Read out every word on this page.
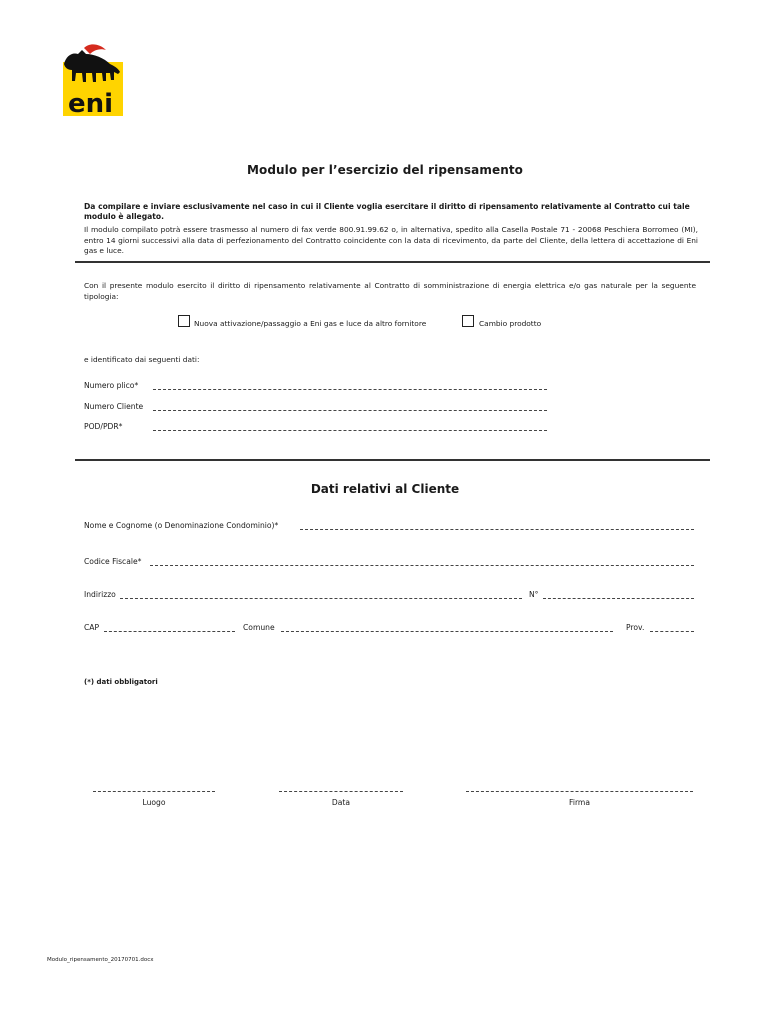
eni
Modulo per l’esercizio del ripensamento
Da compilare e inviare esclusivamente nel caso in cui il Cliente voglia esercitare il diritto di ripensamento relativamente al Contratto cui tale modulo è allegato.
Il modulo compilato potrà essere trasmesso al numero di fax verde 800.91.99.62 o, in alternativa, spedito alla Casella Postale 71 - 20068 Peschiera Borromeo (MI), entro 14 giorni successivi alla data di perfezionamento del Contratto coincidente con la data di ricevimento, da parte del Cliente, della lettera di accettazione di Eni gas e luce.
Con il presente modulo esercito il diritto di ripensamento relativamente al Contratto di somministrazione di energia elettrica e/o gas naturale per la seguente tipologia:
Nuova attivazione/passaggio a Eni gas e luce da altro fornitore	Cambio prodotto
e identificato dai seguenti dati:
Numero plico*
Numero Cliente
POD/PDR*
Dati relativi al Cliente
Nome e Cognome (o Denominazione Condominio)*
Codice Fiscale*
Indirizzo	N°
CAP	Comune	Prov.
(*) dati obbligatori
Luogo	Data	Firma
Modulo_ripensamento_20170701.docx
